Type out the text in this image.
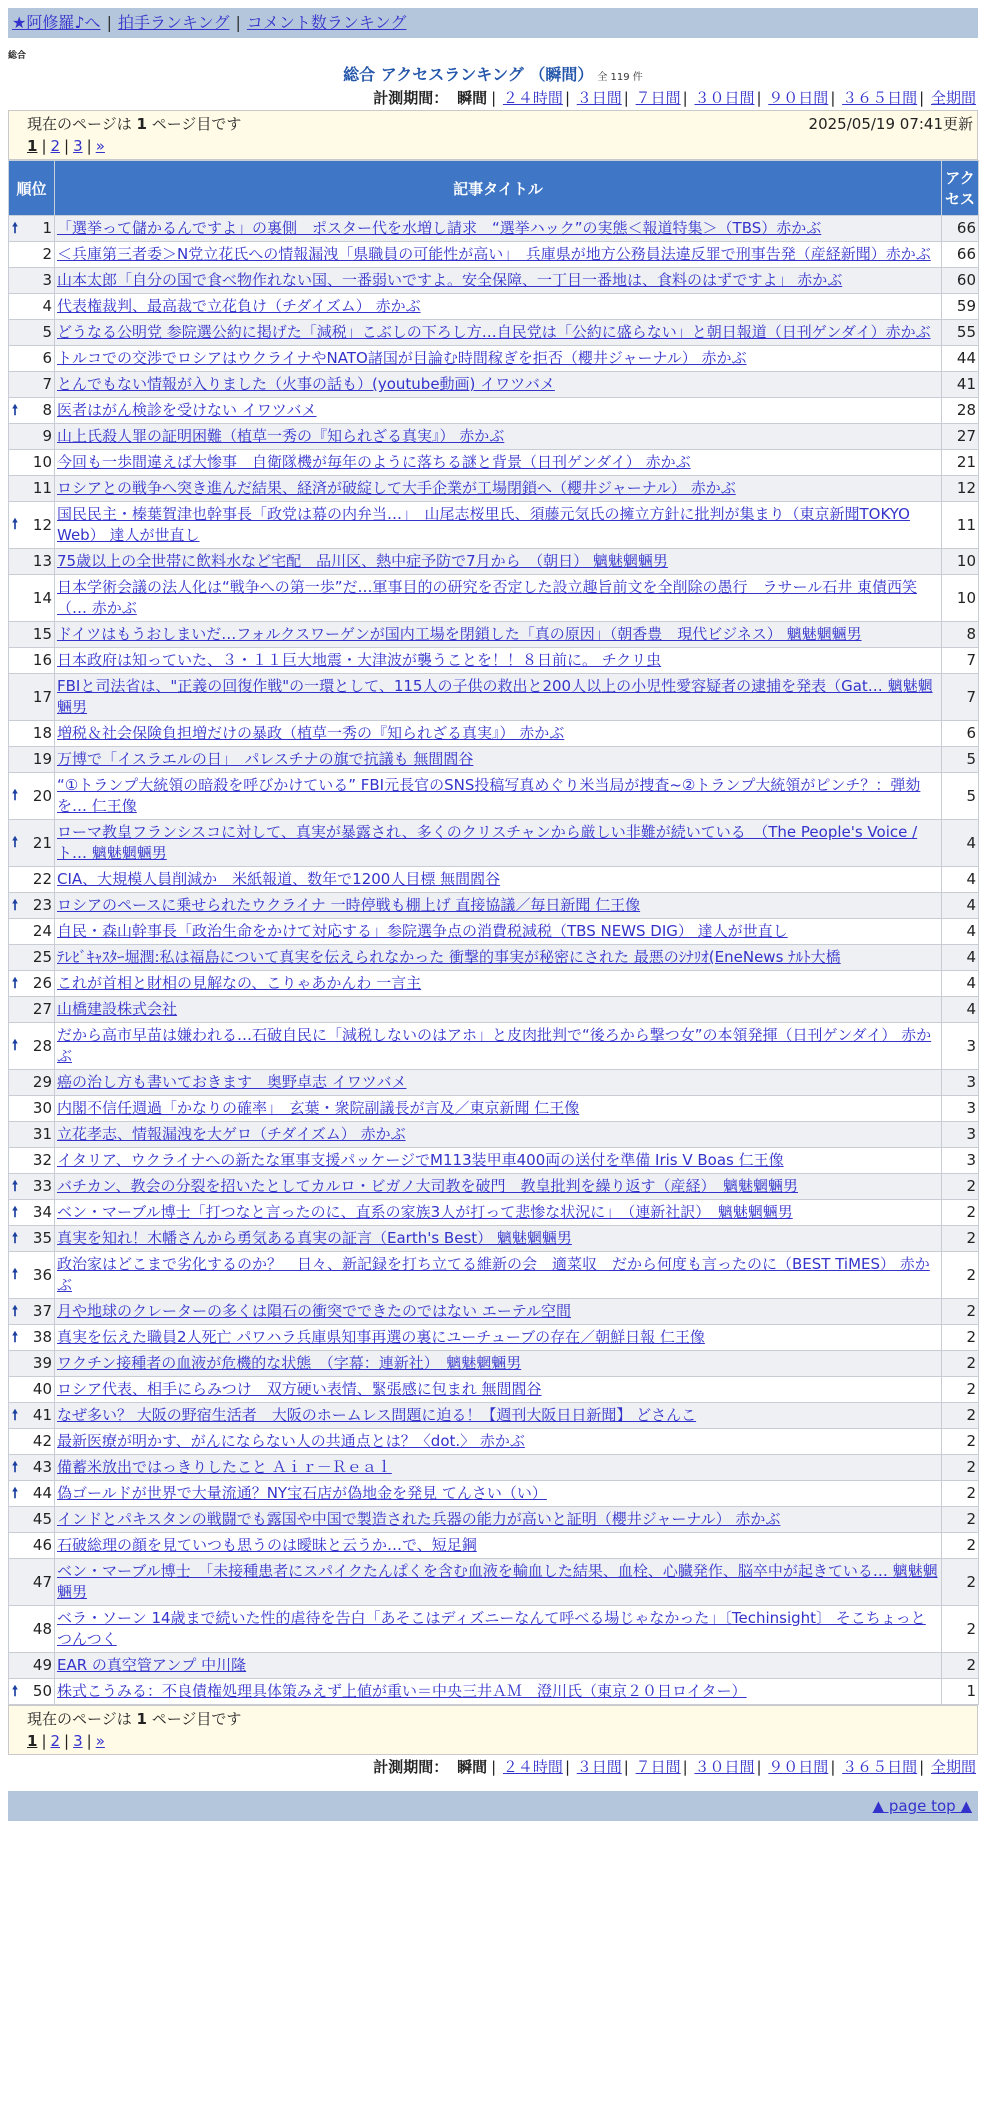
★阿修羅♪へ | 拍手ランキング | コメント数ランキング
総合
総合 アクセスランキング （瞬間） 全 119 件
計測期間： 瞬間 | ２４時間 | ３日間 | ７日間 | ３０日間 | ９０日間 | ３６５日間 | 全期間
現在のページは 1 ページ目です	2025/05/19 07:41更新
1 | 2 | 3 | »
順位	記事タイトル	アクセス

🠕 1	「選挙って儲かるんですよ」の裏側　ポスター代を水増し請求　“選挙ハック”の実態＜報道特集＞（TBS）赤かぶ	66
2	＜兵庫第三者委＞N党立花氏への情報漏洩「県職員の可能性が高い」　兵庫県が地方公務員法違反罪で刑事告発（産経新聞）赤かぶ	66
3	山本太郎「自分の国で食べ物作れない国、一番弱いですよ。安全保障、一丁目一番地は、食料のはずですよ」 赤かぶ	60
4	代表権裁判、最高裁で立花負け（チダイズム） 赤かぶ	59
5	どうなる公明党 参院選公約に掲げた「減税」こぶしの下ろし方…自民党は「公約に盛らない」と朝日報道（日刊ゲンダイ）赤かぶ	55
6	トルコでの交渉でロシアはウクライナやNATO諸国が目論む時間稼ぎを拒否（櫻井ジャーナル） 赤かぶ	44
7	とんでもない情報が入りました（火事の話も）(youtube動画) イワツバメ	41

🠕 8	医者はがん検診を受けない イワツバメ	28
9	山上氏殺人罪の証明困難（植草一秀の『知られざる真実』） 赤かぶ	27
10	今回も一歩間違えば大惨事　自衛隊機が毎年のように落ちる謎と背景（日刊ゲンダイ） 赤かぶ	21
11	ロシアとの戦争へ突き進んだ結果、経済が破綻して大手企業が工場閉鎖へ（櫻井ジャーナル） 赤かぶ	12

🠕 12	国民民主・榛葉賀津也幹事長「政党は幕の内弁当…」　山尾志桜里氏、須藤元気氏の擁立方針に批判が集まり（東京新聞TOKYO Web） 達人が世直し	11
13	75歳以上の全世帯に飲料水など宅配　品川区、熱中症予防で7月から　（朝日） 魑魅魍魎男	10
14	日本学術会議の法人化は“戦争への第一歩”だ…軍事目的の研究を否定した設立趣旨前文を全削除の愚行　ラサール石井 東債西笑（… 赤かぶ	10
15	ドイツはもうおしまいだ…フォルクスワーゲンが国内工場を閉鎖した「真の原因」（朝香豊　現代ビジネス） 魑魅魍魎男	8
16	日本政府は知っていた、３・１１巨大地震・大津波が襲うことを！！８日前に。 チクリ虫	7
17	FBIと司法省は、"正義の回復作戦"の一環として、115人の子供の救出と200人以上の小児性愛容疑者の逮捕を発表（Gat… 魑魅魍魎男	7
18	増税＆社会保険負担増だけの暴政（植草一秀の『知られざる真実』） 赤かぶ	6
19	万博で「イスラエルの日」　パレスチナの旗で抗議も 無間閻谷	5

🠕 20	“①トランプ大統領の暗殺を呼びかけている” FBI元長官のSNS投稿写真めぐり米当局が捜査~②トランプ大統領がピンチ？：弾劾を… 仁王像	5

🠕 21	ローマ教皇フランシスコに対して、真実が暴露され、多くのクリスチャンから厳しい非難が続いている　（The People's Voice / ト… 魑魅魍魎男	4
22	CIA、大規模人員削減か　米紙報道、数年で1200人目標 無間閻谷	4

🠕 23	ロシアのペースに乗せられたウクライナ 一時停戦も棚上げ 直接協議／毎日新聞 仁王像	4
24	自民・森山幹事長「政治生命をかけて対応する」参院選争点の消費税減税（TBS NEWS DIG） 達人が世直し	4
25	ﾃﾚﾋﾞｷｬｽﾀｰ堀潤:私は福島について真実を伝えられなかった 衝撃的事実が秘密にされた 最悪のｼﾅﾘｵ(EneNews ﾅﾙﾄ大橋	4

🠕 26	これが首相と財相の見解なの、こりゃあかんわ 一言主	4
27	山橋建設株式会社	4

🠕 28	だから高市早苗は嫌われる…石破自民に「減税しないのはアホ」と皮肉批判で“後ろから撃つ女”の本領発揮（日刊ゲンダイ） 赤かぶ	3
29	癌の治し方も書いておきます　奥野卓志 イワツバメ	3
30	内閣不信任週過「かなりの確率」　玄葉・衆院副議長が言及／東京新聞 仁王像	3
31	立花孝志、情報漏洩を大ゲロ（チダイズム） 赤かぶ	3
32	イタリア、ウクライナへの新たな軍事支援パッケージでM113装甲車400両の送付を準備 Iris V Boas 仁王像	3

🠕 33	バチカン、教会の分裂を招いたとしてカルロ・ビガノ大司教を破門　教皇批判を繰り返す（産経）　魑魅魍魎男	2

🠕 34	ベン・マーブル博士「打つなと言ったのに、直系の家族3人が打って悲惨な状況に」　（連新社訳）　魑魅魍魎男	2

🠕 35	真実を知れ！木幡さんから勇気ある真実の証言（Earth's Best） 魑魅魍魎男	2

🠕 36	政治家はどこまで劣化するのか？　日々、新記録を打ち立てる維新の会　適菜収　だから何度も言ったのに（BEST TiMES） 赤かぶ	2

🠕 37	月や地球のクレーターの多くは隕石の衝突でできたのではない エーテル空間	2

🠕 38	真実を伝えた職員2人死亡 パワハラ兵庫県知事再選の裏にユーチューブの存在／朝鮮日報 仁王像	2
39	ワクチン接種者の血液が危機的な状態　（字幕：連新社）　魑魅魍魎男	2
40	ロシア代表、相手にらみつけ　双方硬い表情、緊張感に包まれ 無間閻谷	2

🠕 41	なぜ多い？ 大阪の野宿生活者　大阪のホームレス問題に迫る！【週刊大阪日日新聞】 どさんこ	2
42	最新医療が明かす、がんにならない人の共通点とは？〈dot.〉 赤かぶ	2

🠕 43	備蓄米放出ではっきりしたこと Ａｉｒ－Ｒｅａｌ	2

🠕 44	偽ゴールドが世界で大量流通？NY宝石店が偽地金を発見 てんさい（い）	2
45	インドとパキスタンの戦闘でも露国や中国で製造された兵器の能力が高いと証明（櫻井ジャーナル） 赤かぶ	2
46	石破総理の顔を見ていつも思うのは曖昧と云うか…で、短足鋼	2
47	ベン・マーブル博士　「未接種患者にスパイクたんぱくを含む血液を輸血した結果、血栓、心臓発作、脳卒中が起きている… 魑魅魍魎男	2
48	ベラ・ソーン 14歳まで続いた性的虐待を告白「あそこはディズニーなんて呼べる場じゃなかった」〔Techinsight〕 そこちょっとつんつく	2
49	EAR の真空管アンプ 中川隆	2

🠕 50	株式こうみる：不良債権処理具体策みえず上値が重い＝中央三井ＡＭ　澄川氏（東京２０日ロイター）	1
現在のページは 1 ページ目です
1 | 2 | 3 | »
計測期間： 瞬間 | ２４時間 | ３日間 | ７日間 | ３０日間 | ９０日間 | ３６５日間 | 全期間
▲ page top ▲
